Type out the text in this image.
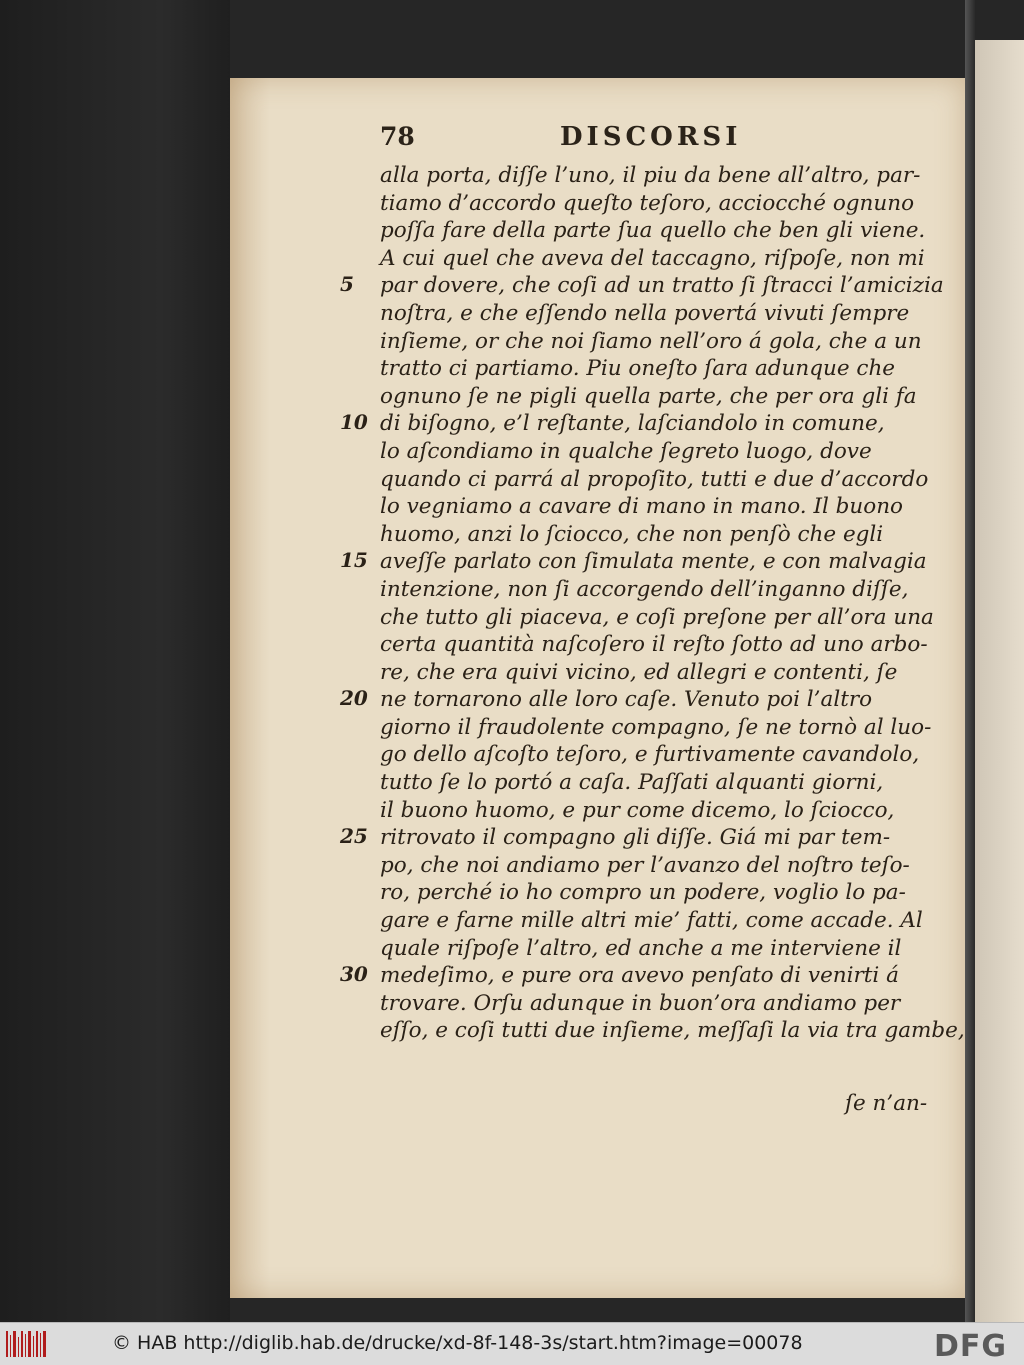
78	DISCORSI
alla porta, diſſe l’uno, il piu da bene all’altro, par-
tiamo d’accordo queſto teſoro, acciocché ognuno
poſſa fare della parte ſua quello che ben gli viene.
A cui quel che aveva del taccagno, riſpoſe, non mi
par dovere, che coſi ad un tratto ſi ſtracci l’amicizia
noſtra, e che eſſendo nella povertá vivuti ſempre
inſieme, or che noi ſiamo nell’oro á gola, che a un
tratto ci partiamo. Piu oneſto ſara adunque che
ognuno ſe ne pigli quella parte, che per ora gli fa
di biſogno, e’l reſtante, laſciandolo in comune,
lo aſcondiamo in qualche ſegreto luogo, dove
quando ci parrá al propoſito, tutti e due d’accordo
lo vegniamo a cavare di mano in mano. Il buono
huomo, anzi lo ſciocco, che non penſò che egli
aveſſe parlato con ſimulata mente, e con malvagia
intenzione, non ſi accorgendo dell’inganno diſſe,
che tutto gli piaceva, e coſi preſone per all’ora una
certa quantità naſcoſero il reſto ſotto ad uno arbo-
re, che era quivi vicino, ed allegri e contenti, ſe
ne tornarono alle loro caſe. Venuto poi l’altro
giorno il fraudolente compagno, ſe ne tornò al luo-
go dello aſcoſto teſoro, e furtivamente cavandolo,
tutto ſe lo portó a caſa. Paſſati alquanti giorni,
il buono huomo, e pur come dicemo, lo ſciocco,
ritrovato il compagno gli diſſe. Giá mi par tem-
po, che noi andiamo per l’avanzo del noſtro teſo-
ro, perché io ho compro un podere, voglio lo pa-
gare e farne mille altri mie’ fatti, come accade. Al
quale riſpoſe l’altro, ed anche a me interviene il
medeſimo, e pure ora avevo penſato di venirti á
trovare. Orſu adunque in buon’ora andiamo per
eſſo, e coſi tutti due inſieme, meſſaſi la via tra gambe,
5
10
15
20
25
30
ſe n’an-
© HAB http://diglib.hab.de/drucke/xd-8f-148-3s/start.htm?image=00078	DFG
